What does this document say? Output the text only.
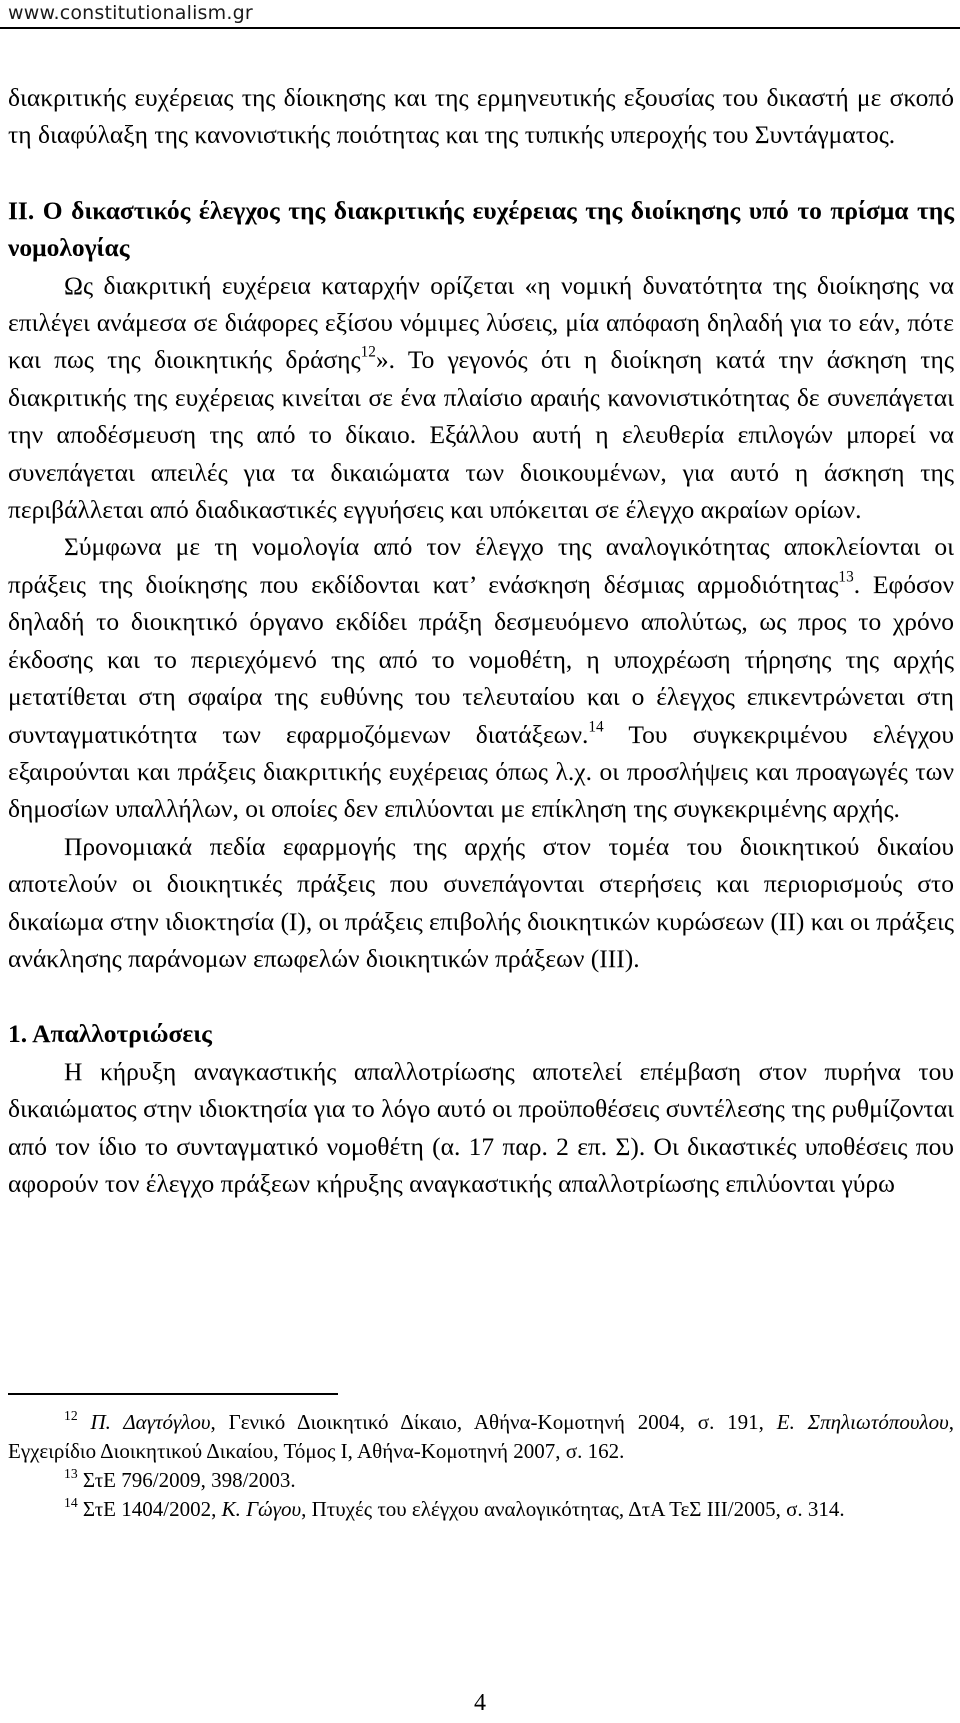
www.constitutionalism.gr

διακριτικής ευχέρειας της δίοικησης και της ερμηνευτικής εξουσίας του δικαστή με σκοπό τη διαφύλαξη της κανονιστικής ποιότητας και της τυπικής υπεροχής του Συντάγματος.

ΙΙ. Ο δικαστικός έλεγχος της διακριτικής ευχέρειας της διοίκησης υπό το πρίσμα της νομολογίας

Ως διακριτική ευχέρεια καταρχήν ορίζεται «η νομική δυνατότητα της διοίκησης να επιλέγει ανάμεσα σε διάφορες εξίσου νόμιμες λύσεις, μία απόφαση δηλαδή για το εάν, πότε και πως της διοικητικής δράσης$^{12}$». Το γεγονός ότι η διοίκηση κατά την άσκηση της διακριτικής της ευχέρειας κινείται σε ένα πλαίσιο αραιής κανονιστικότητας δε συνεπάγεται την αποδέσμευση της από το δίκαιο. Εξάλλου αυτή η ελευθερία επιλογών μπορεί να συνεπάγεται απειλές για τα δικαιώματα των διοικουμένων, για αυτό η άσκηση της περιβάλλεται από διαδικαστικές εγγυήσεις και υπόκειται σε έλεγχο ακραίων ορίων.

Σύμφωνα με τη νομολογία από τον έλεγχο της αναλογικότητας αποκλείονται οι πράξεις της διοίκησης που εκδίδονται κατ’ ενάσκηση δέσμιας αρμοδιότητας$^{13}$. Εφόσον δηλαδή το διοικητικό όργανο εκδίδει πράξη δεσμευόμενο απολύτως, ως προς το χρόνο έκδοσης και το περιεχόμενό της από το νομοθέτη, η υποχρέωση τήρησης της αρχής μετατίθεται στη σφαίρα της ευθύνης του τελευταίου και ο έλεγχος επικεντρώνεται στη συνταγματικότητα των εφαρμοζόμενων διατάξεων.$^{14}$ Του συγκεκριμένου ελέγχου εξαιρούνται και πράξεις διακριτικής ευχέρειας όπως λ.χ. οι προσλήψεις και προαγωγές των δημοσίων υπαλλήλων, οι οποίες δεν επιλύονται με επίκληση της συγκεκριμένης αρχής.

Προνομιακά πεδία εφαρμογής της αρχής στον τομέα του διοικητικού δικαίου αποτελούν οι διοικητικές πράξεις που συνεπάγονται στερήσεις και περιορισμούς στο δικαίωμα στην ιδιοκτησία (Ι), οι πράξεις επιβολής διοικητικών κυρώσεων (ΙΙ) και οι πράξεις ανάκλησης παράνομων επωφελών διοικητικών πράξεων (ΙΙΙ).

1. Απαλλοτριώσεις

Η κήρυξη αναγκαστικής απαλλοτρίωσης αποτελεί επέμβαση στον πυρήνα του δικαιώματος στην ιδιοκτησία για το λόγο αυτό οι προϋποθέσεις συντέλεσης της ρυθμίζονται από τον ίδιο το συνταγματικό νομοθέτη (α. 17 παρ. 2 επ. Σ). Οι δικαστικές υποθέσεις που αφορούν τον έλεγχο πράξεων κήρυξης αναγκαστικής απαλλοτρίωσης επιλύονται γύρω

$^{12}$ Π. Δαγτόγλου, Γενικό Διοικητικό Δίκαιο, Αθήνα-Κομοτηνή 2004, σ. 191, Ε. Σπηλιωτόπουλου, Εγχειρίδιο Διοικητικού Δικαίου, Τόμος Ι, Αθήνα-Κομοτηνή 2007, σ. 162.

$^{13}$ ΣτΕ 796/2009, 398/2003.

$^{14}$ ΣτΕ 1404/2002, Κ. Γώγου, Πτυχές του ελέγχου αναλογικότητας, ΔτΑ ΤεΣ ΙΙΙ/2005, σ. 314.

4
